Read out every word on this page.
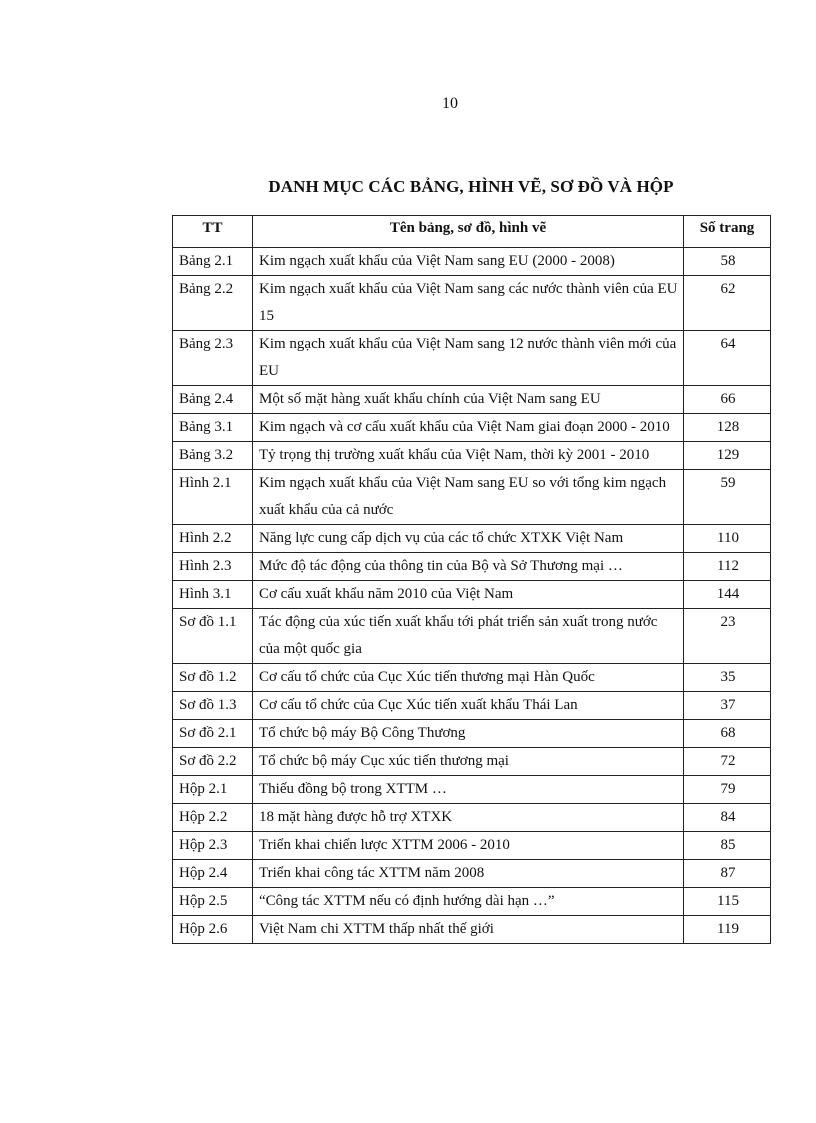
10
DANH MỤC CÁC BẢNG, HÌNH VẼ, SƠ ĐỒ VÀ HỘP
TT	Tên bảng, sơ đồ, hình vẽ	Số trang
Bảng 2.1	Kim ngạch xuất khẩu của Việt Nam sang EU (2000 - 2008)	58
Bảng 2.2	Kim ngạch xuất khẩu của Việt Nam sang các nước thành viên của EU 15	62
Bảng 2.3	Kim ngạch xuất khẩu của Việt Nam sang 12 nước thành viên mới của EU	64
Bảng 2.4	Một số mặt hàng xuất khẩu chính của Việt Nam sang EU	66
Bảng 3.1	Kim ngạch và cơ cấu xuất khẩu của Việt Nam giai đoạn 2000 - 2010	128
Bảng 3.2	Tỷ trọng thị trường xuất khẩu của Việt Nam, thời kỳ 2001 - 2010	129
Hình 2.1	Kim ngạch xuất khẩu của Việt Nam sang EU so với tổng kim ngạch xuất khẩu của cả nước	59
Hình 2.2	Năng lực cung cấp dịch vụ của các tổ chức XTXK Việt Nam	110
Hình 2.3	Mức độ tác động của thông tin của Bộ và Sở Thương mại …	112
Hình 3.1	Cơ cấu xuất khẩu năm 2010 của Việt Nam	144
Sơ đồ 1.1	Tác động của xúc tiến xuất khẩu tới phát triển sản xuất trong nước của một quốc gia	23
Sơ đồ 1.2	Cơ cấu tổ chức của Cục Xúc tiến thương mại Hàn Quốc	35
Sơ đồ 1.3	Cơ cấu tổ chức của Cục Xúc tiến xuất khẩu Thái Lan	37
Sơ đồ 2.1	Tổ chức bộ máy Bộ Công Thương	68
Sơ đồ 2.2	Tổ chức bộ máy Cục xúc tiến thương mại	72
Hộp 2.1	Thiếu đồng bộ trong XTTM …	79
Hộp 2.2	18 mặt hàng được hỗ trợ XTXK	84
Hộp 2.3	Triển khai chiến lược XTTM 2006 - 2010	85
Hộp 2.4	Triển khai công tác XTTM năm 2008	87
Hộp 2.5	“Công tác XTTM nếu có định hướng dài hạn …”	115
Hộp 2.6	Việt Nam chi XTTM thấp nhất thế giới	119
